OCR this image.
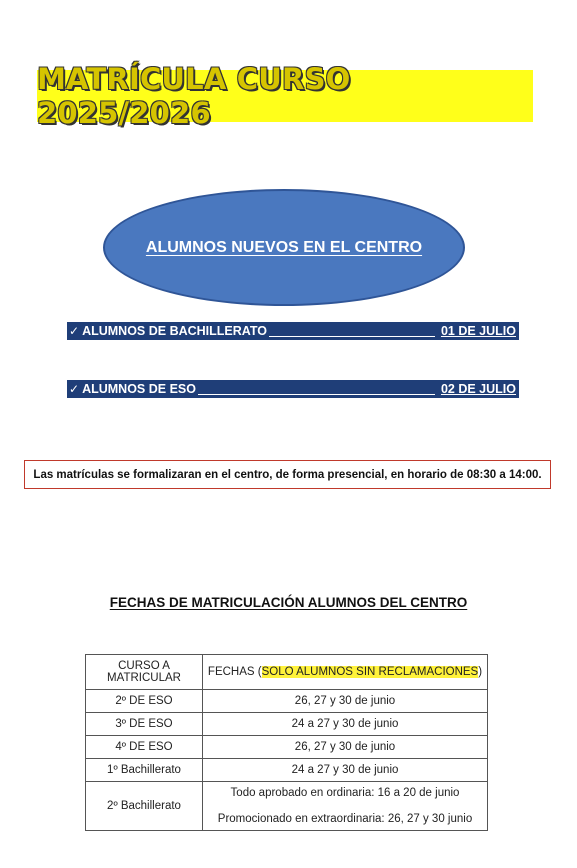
MATRÍCULA CURSO 2025/2026
ALUMNOS NUEVOS EN EL CENTRO
✓ ALUMNOS DE BACHILLERATO	01 DE JULIO
✓ ALUMNOS DE ESO	02 DE JULIO
Las matrículas se formalizaran en el centro, de forma presencial, en horario de 08:30 a 14:00.
FECHAS DE MATRICULACIÓN ALUMNOS DEL CENTRO
CURSO A MATRICULAR	FECHAS (SOLO ALUMNOS SIN RECLAMACIONES)
2º DE ESO	26, 27 y 30 de junio
3º DE ESO	24 a 27 y 30 de junio
4º DE ESO	26, 27 y 30 de junio
1º Bachillerato	24 a 27 y 30 de junio
2º Bachillerato	Todo aprobado en ordinaria: 16 a 20 de junio
Promocionado en extraordinaria: 26, 27 y 30 junio
